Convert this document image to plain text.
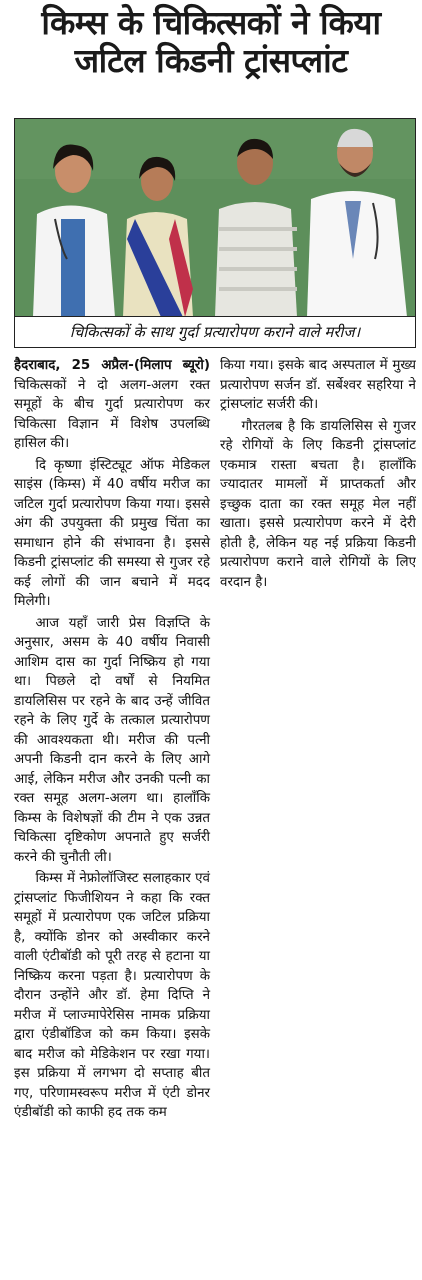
किम्स के चिकित्सकों ने किया
जटिल किडनी ट्रांसप्लांट
चिकित्सकों के साथ गुर्दा प्रत्यारोपण कराने वाले मरीज।

हैदराबाद, 25 अप्रैल-(मिलाप ब्यूरो) चिकित्सकों ने दो अलग-अलग रक्त समूहों के बीच गुर्दा प्रत्यारोपण कर चिकित्सा विज्ञान में विशेष उपलब्धि हासिल की।

दि कृष्णा इंस्टिट्यूट ऑफ मेडिकल साइंस (किम्स) में 40 वर्षीय मरीज का जटिल गुर्दा प्रत्यारोपण किया गया। इससे अंग की उपयुक्ता की प्रमुख चिंता का समाधान होने की संभावना है। इससे किडनी ट्रांसप्लांट की समस्या से गुजर रहे कई लोगों की जान बचाने में मदद मिलेगी।

आज यहाँ जारी प्रेस विज्ञप्ति के अनुसार, असम के 40 वर्षीय निवासी आशिम दास का गुर्दा निष्क्रिय हो गया था। पिछले दो वर्षों से नियमित डायलिसिस पर रहने के बाद उन्हें जीवित रहने के लिए गुर्दे के तत्काल प्रत्यारोपण की आवश्यकता थी। मरीज की पत्नी अपनी किडनी दान करने के लिए आगे आई, लेकिन मरीज और उनकी पत्नी का रक्त समूह अलग-अलग था। हालाँकि किम्स के विशेषज्ञों की टीम ने एक उन्नत चिकित्सा दृष्टिकोण अपनाते हुए सर्जरी करने की चुनौती ली।

किम्स में नेफ्रोलॉजिस्ट सलाहकार एवं ट्रांसप्लांट फिजीशियन ने कहा कि रक्त समूहों में प्रत्यारोपण एक जटिल प्रक्रिया है, क्योंकि डोनर को अस्वीकार करने वाली एंटीबॉडी को पूरी तरह से हटाना या निष्क्रिय करना पड़ता है। प्रत्यारोपण के दौरान उन्होंने और डॉ. हेमा दिप्ति ने मरीज में प्लाज्मापेरेसिस नामक प्रक्रिया द्वारा एंडीबॉडिज को कम किया। इसके बाद मरीज को मेडिकेशन पर रखा गया। इस प्रक्रिया में लगभग दो सप्ताह बीत गए, परिणामस्वरूप मरीज में एंटी डोनर एंडीबॉडी को काफी हद तक कम

किया गया। इसके बाद अस्पताल में मुख्य प्रत्यारोपण सर्जन डॉ. सर्बेश्वर सहरिया ने ट्रांसप्लांट सर्जरी की।

गौरतलब है कि डायलिसिस से गुजर रहे रोगियों के लिए किडनी ट्रांसप्लांट एकमात्र रास्ता बचता है। हालाँकि ज्यादातर मामलों में प्राप्तकर्ता और इच्छुक दाता का रक्त समूह मेल नहीं खाता। इससे प्रत्यारोपण करने में देरी होती है, लेकिन यह नई प्रक्रिया किडनी प्रत्यारोपण कराने वाले रोगियों के लिए वरदान है।
